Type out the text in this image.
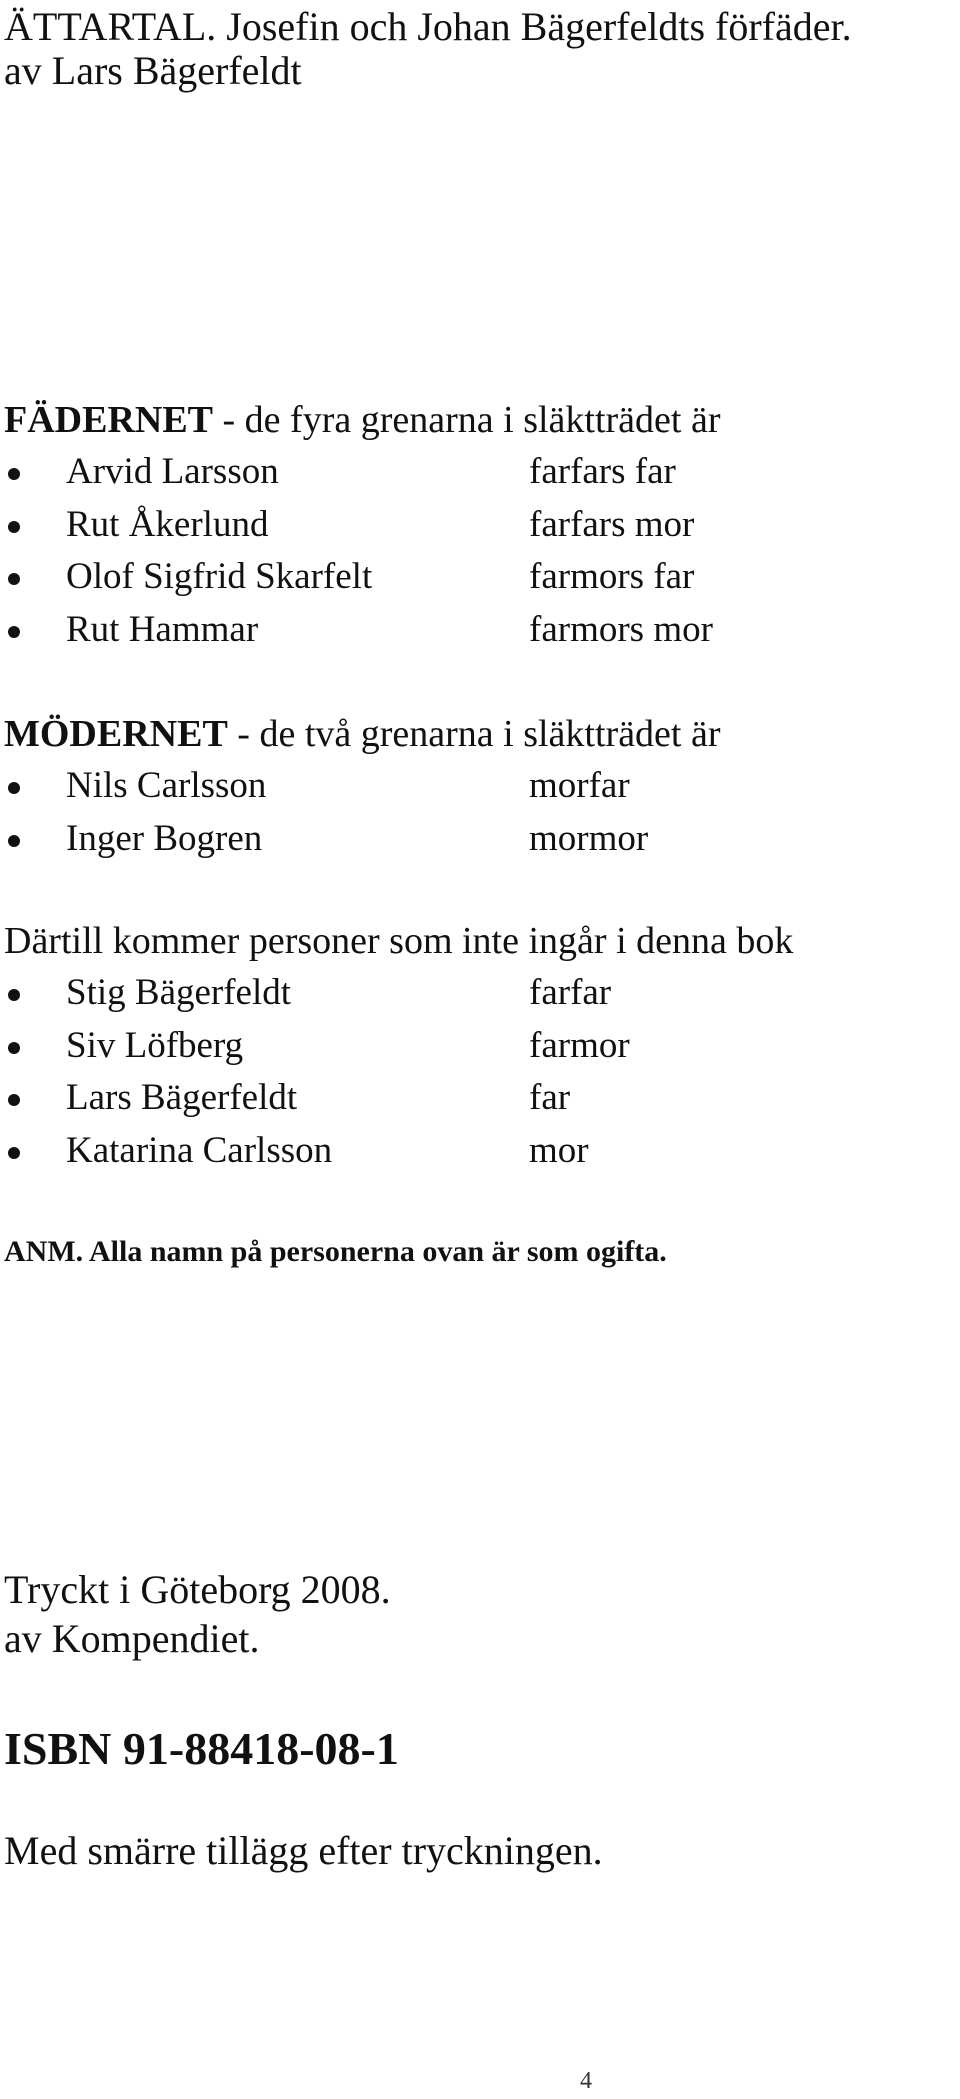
ÄTTARTAL. Josefin och Johan Bägerfeldts förfäder.
av Lars Bägerfeldt
FÄDERNET - de fyra grenarna i släktträdet är
Arvid Larsson	farfars far
Rut Åkerlund	farfars mor
Olof Sigfrid Skarfelt	farmors far
Rut Hammar	farmors mor
MÖDERNET - de två grenarna i släktträdet är
Nils Carlsson	morfar
Inger Bogren	mormor
Därtill kommer personer som inte ingår i denna bok
Stig Bägerfeldt	farfar
Siv Löfberg	farmor
Lars Bägerfeldt	far
Katarina Carlsson	mor
ANM. Alla namn på personerna ovan är som ogifta.
Tryckt i Göteborg 2008.
av Kompendiet.
ISBN 91-88418-08-1
Med smärre tillägg efter tryckningen.
4
